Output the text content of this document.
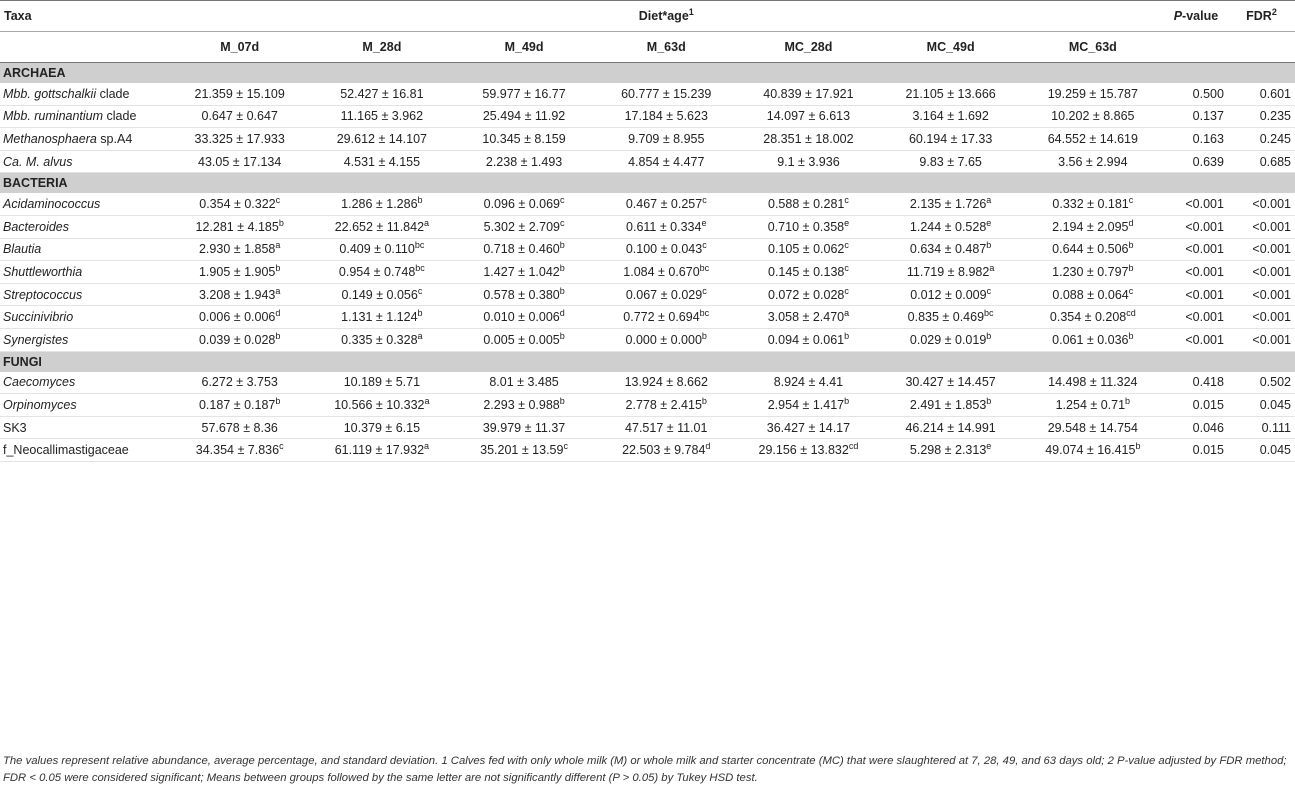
Taxa	Diet*age$^1$							P-value	FDR$^2$
	M_07d	M_28d	M_49d	M_63d	MC_28d	MC_49d	MC_63d		
ARCHAEA									
Mbb. gottschalkii clade	21.359 ± 15.109	52.427 ± 16.81	59.977 ± 16.77	60.777 ± 15.239	40.839 ± 17.921	21.105 ± 13.666	19.259 ± 15.787	0.500	0.601
Mbb. ruminantium clade	0.647 ± 0.647	11.165 ± 3.962	25.494 ± 11.92	17.184 ± 5.623	14.097 ± 6.613	3.164 ± 1.692	10.202 ± 8.865	0.137	0.235
Methanosphaera sp.A4	33.325 ± 17.933	29.612 ± 14.107	10.345 ± 8.159	9.709 ± 8.955	28.351 ± 18.002	60.194 ± 17.33	64.552 ± 14.619	0.163	0.245
Ca. M. alvus	43.05 ± 17.134	4.531 ± 4.155	2.238 ± 1.493	4.854 ± 4.477	9.1 ± 3.936	9.83 ± 7.65	3.56 ± 2.994	0.639	0.685
BACTERIA									
Acidaminococcus	0.354 ± 0.322$^c$	1.286 ± 1.286$^b$	0.096 ± 0.069$^c$	0.467 ± 0.257$^c$	0.588 ± 0.281$^c$	2.135 ± 1.726$^a$	0.332 ± 0.181$^c$	<0.001	<0.001
Bacteroides	12.281 ± 4.185$^b$	22.652 ± 11.842$^a$	5.302 ± 2.709$^c$	0.611 ± 0.334$^e$	0.710 ± 0.358$^e$	1.244 ± 0.528$^e$	2.194 ± 2.095$^d$	<0.001	<0.001
Blautia	2.930 ± 1.858$^a$	0.409 ± 0.110$^{bc}$	0.718 ± 0.460$^b$	0.100 ± 0.043$^c$	0.105 ± 0.062$^c$	0.634 ± 0.487$^b$	0.644 ± 0.506$^b$	<0.001	<0.001
Shuttleworthia	1.905 ± 1.905$^b$	0.954 ± 0.748$^{bc}$	1.427 ± 1.042$^b$	1.084 ± 0.670$^{bc}$	0.145 ± 0.138$^c$	11.719 ± 8.982$^a$	1.230 ± 0.797$^b$	<0.001	<0.001
Streptococcus	3.208 ± 1.943$^a$	0.149 ± 0.056$^c$	0.578 ± 0.380$^b$	0.067 ± 0.029$^c$	0.072 ± 0.028$^c$	0.012 ± 0.009$^c$	0.088 ± 0.064$^c$	<0.001	<0.001
Succinivibrio	0.006 ± 0.006$^d$	1.131 ± 1.124$^b$	0.010 ± 0.006$^d$	0.772 ± 0.694$^{bc}$	3.058 ± 2.470$^a$	0.835 ± 0.469$^{bc}$	0.354 ± 0.208$^{cd}$	<0.001	<0.001
Synergistes	0.039 ± 0.028$^b$	0.335 ± 0.328$^a$	0.005 ± 0.005$^b$	0.000 ± 0.000$^b$	0.094 ± 0.061$^b$	0.029 ± 0.019$^b$	0.061 ± 0.036$^b$	<0.001	<0.001
FUNGI									
Caecomyces	6.272 ± 3.753	10.189 ± 5.71	8.01 ± 3.485	13.924 ± 8.662	8.924 ± 4.41	30.427 ± 14.457	14.498 ± 11.324	0.418	0.502
Orpinomyces	0.187 ± 0.187$^b$	10.566 ± 10.332$^a$	2.293 ± 0.988$^b$	2.778 ± 2.415$^b$	2.954 ± 1.417$^b$	2.491 ± 1.853$^b$	1.254 ± 0.71$^b$	0.015	0.045
SK3	57.678 ± 8.36	10.379 ± 6.15	39.979 ± 11.37	47.517 ± 11.01	36.427 ± 14.17	46.214 ± 14.991	29.548 ± 14.754	0.046	0.111
f_Neocallimastigaceae	34.354 ± 7.836$^c$	61.119 ± 17.932$^a$	35.201 ± 13.59$^c$	22.503 ± 9.784$^d$	29.156 ± 13.832$^{cd}$	5.298 ± 2.313$^e$	49.074 ± 16.415$^b$	0.015	0.045
The values represent relative abundance, average percentage, and standard deviation. 1 Calves fed with only whole milk (M) or whole milk and starter concentrate (MC) that were slaughtered at 7, 28, 49, and 63 days old; 2 P-value adjusted by FDR method; FDR < 0.05 were considered significant; Means between groups followed by the same letter are not significantly different (P > 0.05) by Tukey HSD test.
